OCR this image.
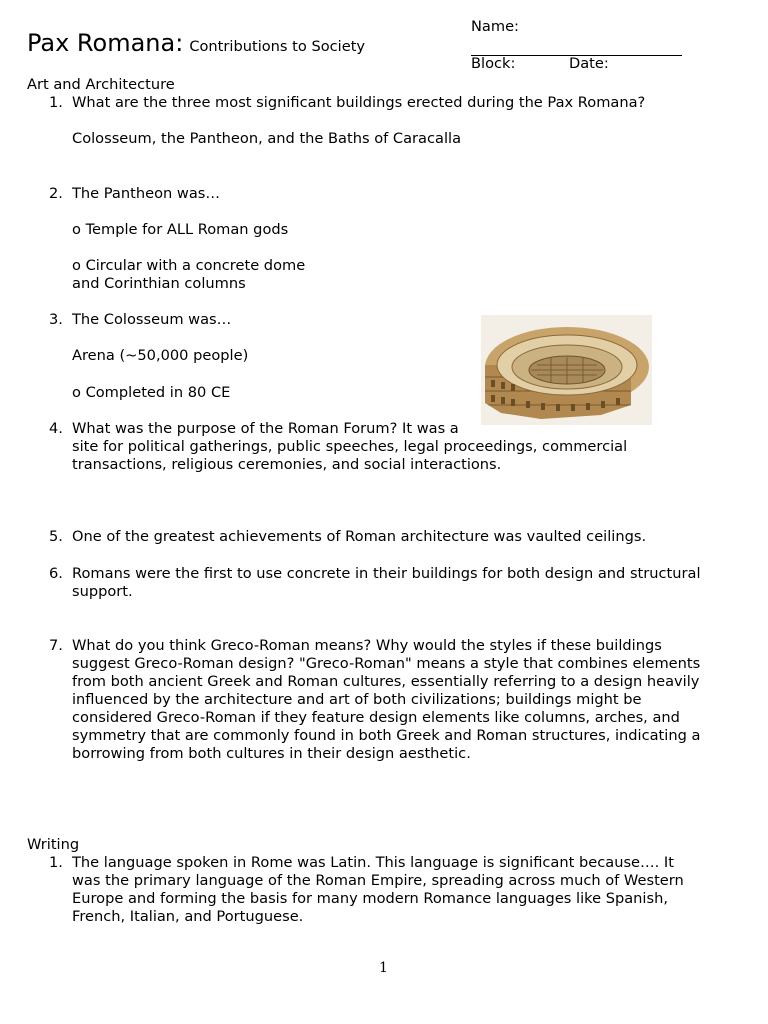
Pax Romana: Contributions to Society
Name:
Block:	Date:
Art and Architecture
1. What are the three most significant buildings erected during the Pax Romana?
Colosseum, the Pantheon, and the Baths of Caracalla
2. The Pantheon was…
o Temple for ALL Roman gods
o Circular with a concrete dome
and Corinthian columns
3. The Colosseum was…
Arena (~50,000 people)
o Completed in 80 CE
4. What was the purpose of the Roman Forum? It was a
site for political gatherings, public speeches, legal proceedings, commercial
transactions, religious ceremonies, and social interactions.
5. One of the greatest achievements of Roman architecture was vaulted ceilings.
6. Romans were the first to use concrete in their buildings for both design and structural
support.
7. What do you think Greco-Roman means? Why would the styles if these buildings
suggest Greco-Roman design? "Greco-Roman" means a style that combines elements
from both ancient Greek and Roman cultures, essentially referring to a design heavily
influenced by the architecture and art of both civilizations; buildings might be
considered Greco-Roman if they feature design elements like columns, arches, and
symmetry that are commonly found in both Greek and Roman structures, indicating a
borrowing from both cultures in their design aesthetic.
Writing
1. The language spoken in Rome was Latin. This language is significant because…. It
was the primary language of the Roman Empire, spreading across much of Western
Europe and forming the basis for many modern Romance languages like Spanish,
French, Italian, and Portuguese.
1
